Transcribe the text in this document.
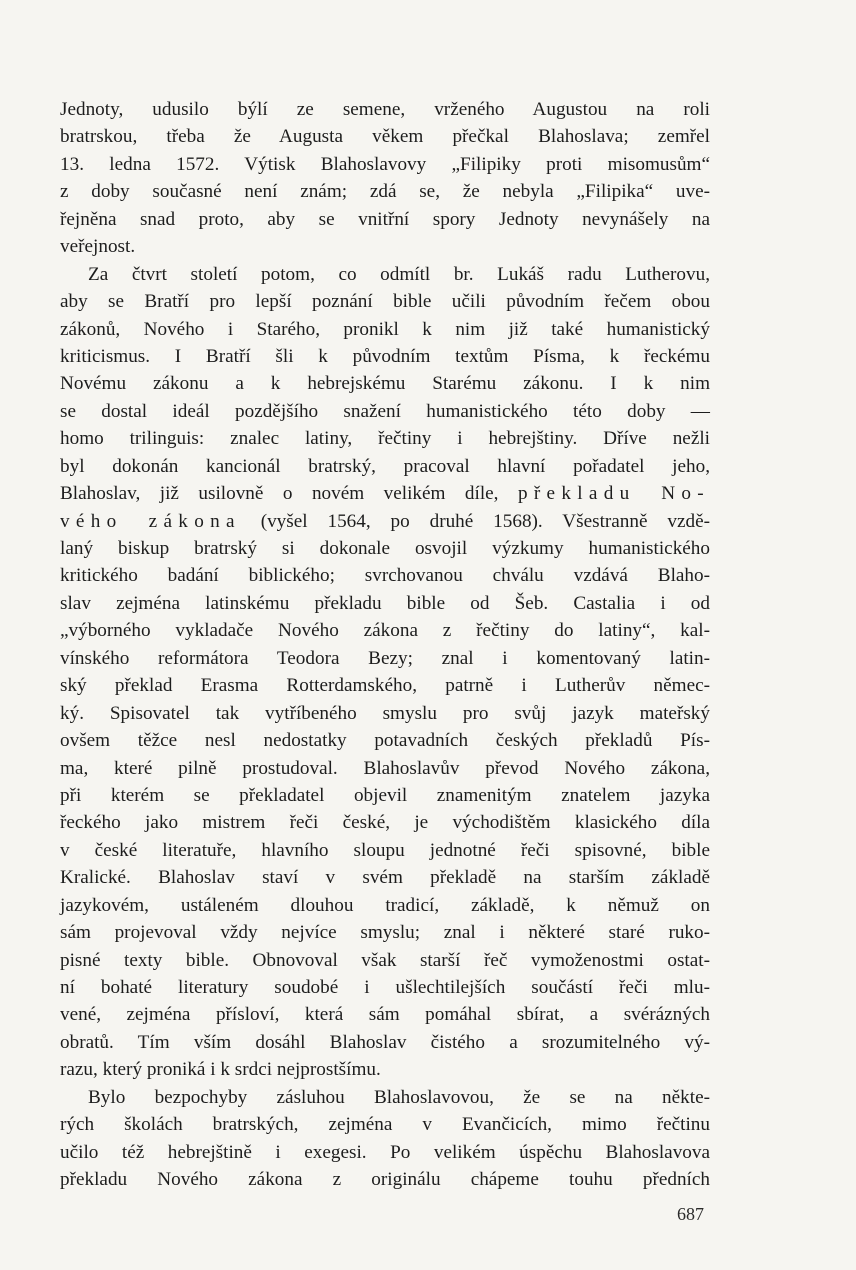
Jednoty, udusilo býlí ze semene, vrženého Augustou na roli
bratrskou, třeba že Augusta věkem přečkal Blahoslava; zemřel
13. ledna 1572. Výtisk Blahoslavovy „Filipiky proti misomusům“
z doby současné není znám; zdá se, že nebyla „Filipika“ uve-
řejněna snad proto, aby se vnitřní spory Jednoty nevynášely na
veřejnost.
Za čtvrt století potom, co odmítl br. Lukáš radu Lutherovu,
aby se Bratří pro lepší poznání bible učili původním řečem obou
zákonů, Nového i Starého, pronikl k nim již také humanistický
kriticismus. I Bratří šli k původním textům Písma, k řeckému
Novému zákonu a k hebrejskému Starému zákonu. I k nim
se dostal ideál pozdějšího snažení humanistického této doby —
homo trilinguis: znalec latiny, řečtiny i hebrejštiny. Dříve nežli
byl dokonán kancionál bratrský, pracoval hlavní pořadatel jeho,
Blahoslav, již usilovně o novém velikém díle, překladu No-
vého zákona (vyšel 1564, po druhé 1568). Všestranně vzdě-
laný biskup bratrský si dokonale osvojil výzkumy humanistického
kritického badání biblického; svrchovanou chválu vzdává Blaho-
slav zejména latinskému překladu bible od Šeb. Castalia i od
„výborného vykladače Nového zákona z řečtiny do latiny“, kal-
vínského reformátora Teodora Bezy; znal i komentovaný latin-
ský překlad Erasma Rotterdamského, patrně i Lutherův němec-
ký. Spisovatel tak vytříbeného smyslu pro svůj jazyk mateřský
ovšem těžce nesl nedostatky potavadních českých překladů Pís-
ma, které pilně prostudoval. Blahoslavův převod Nového zákona,
při kterém se překladatel objevil znamenitým znatelem jazyka
řeckého jako mistrem řeči české, je východištěm klasického díla
v české literatuře, hlavního sloupu jednotné řeči spisovné, bible
Kralické. Blahoslav staví v svém překladě na starším základě
jazykovém, ustáleném dlouhou tradicí, základě, k němuž on
sám projevoval vždy nejvíce smyslu; znal i některé staré ruko-
pisné texty bible. Obnovoval však starší řeč vymoženostmi ostat-
ní bohaté literatury soudobé i ušlechtilejších součástí řeči mlu-
vené, zejména přísloví, která sám pomáhal sbírat, a svérázných
obratů. Tím vším dosáhl Blahoslav čistého a srozumitelného vý-
razu, který proniká i k srdci nejprostšímu.
Bylo bezpochyby zásluhou Blahoslavovou, že se na někte-
rých školách bratrských, zejména v Evančicích, mimo řečtinu
učilo též hebrejštině i exegesi. Po velikém úspěchu Blahoslavova
překladu Nového zákona z originálu chápeme touhu předních
687
